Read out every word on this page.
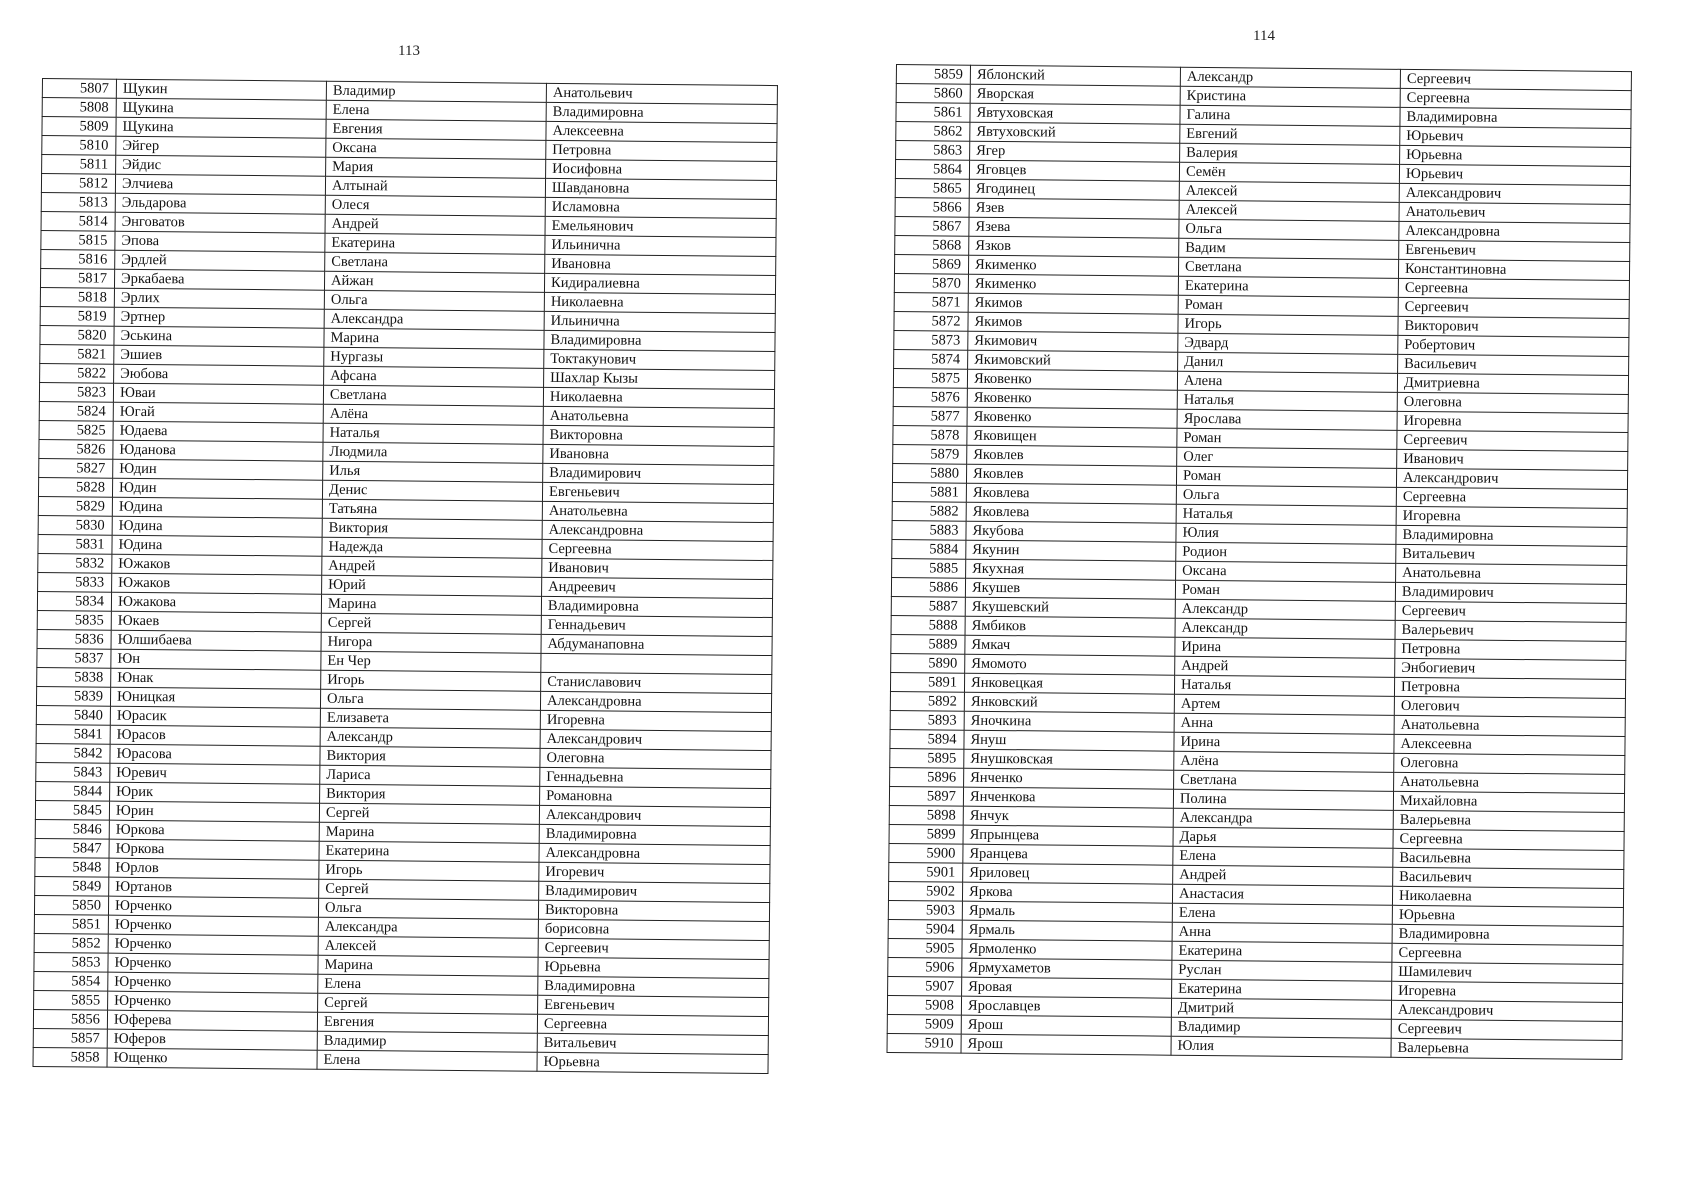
113
5807	Щукин	Владимир	Анатольевич
5808	Щукина	Елена	Владимировна
5809	Щукина	Евгения	Алексеевна
5810	Эйгер	Оксана	Петровна
5811	Эйдис	Мария	Иосифовна
5812	Элчиева	Алтынай	Шавдановна
5813	Эльдарова	Олеся	Исламовна
5814	Энговатов	Андрей	Емельянович
5815	Эпова	Екатерина	Ильинична
5816	Эрдлей	Светлана	Ивановна
5817	Эркабаева	Айжан	Кидиралиевна
5818	Эрлих	Ольга	Николаевна
5819	Эртнер	Александра	Ильинична
5820	Эськина	Марина	Владимировна
5821	Эшиев	Нургазы	Токтакунович
5822	Эюбова	Афсана	Шахлар Кызы
5823	Юваи	Светлана	Николаевна
5824	Югай	Алёна	Анатольевна
5825	Юдаева	Наталья	Викторовна
5826	Юданова	Людмила	Ивановна
5827	Юдин	Илья	Владимирович
5828	Юдин	Денис	Евгеньевич
5829	Юдина	Татьяна	Анатольевна
5830	Юдина	Виктория	Александровна
5831	Юдина	Надежда	Сергеевна
5832	Южаков	Андрей	Иванович
5833	Южаков	Юрий	Андреевич
5834	Южакова	Марина	Владимировна
5835	Юкаев	Сергей	Геннадьевич
5836	Юлшибаева	Нигора	Абдуманаповна
5837	Юн	Ен Чер	
5838	Юнак	Игорь	Станиславович
5839	Юницкая	Ольга	Александровна
5840	Юрасик	Елизавета	Игоревна
5841	Юрасов	Александр	Александрович
5842	Юрасова	Виктория	Олеговна
5843	Юревич	Лариса	Геннадьевна
5844	Юрик	Виктория	Романовна
5845	Юрин	Сергей	Александрович
5846	Юркова	Марина	Владимировна
5847	Юркова	Екатерина	Александровна
5848	Юрлов	Игорь	Игоревич
5849	Юртанов	Сергей	Владимирович
5850	Юрченко	Ольга	Викторовна
5851	Юрченко	Александра	борисовна
5852	Юрченко	Алексей	Сергеевич
5853	Юрченко	Марина	Юрьевна
5854	Юрченко	Елена	Владимировна
5855	Юрченко	Сергей	Евгеньевич
5856	Юферева	Евгения	Сергеевна
5857	Юферов	Владимир	Витальевич
5858	Ющенко	Елена	Юрьевна
114
5859	Яблонский	Александр	Сергеевич
5860	Яворская	Кристина	Сергеевна
5861	Явтуховская	Галина	Владимировна
5862	Явтуховский	Евгений	Юрьевич
5863	Ягер	Валерия	Юрьевна
5864	Яговцев	Семён	Юрьевич
5865	Ягодинец	Алексей	Александрович
5866	Язев	Алексей	Анатольевич
5867	Язева	Ольга	Александровна
5868	Язков	Вадим	Евгеньевич
5869	Якименко	Светлана	Константиновна
5870	Якименко	Екатерина	Сергеевна
5871	Якимов	Роман	Сергеевич
5872	Якимов	Игорь	Викторович
5873	Якимович	Эдвард	Робертович
5874	Якимовский	Данил	Васильевич
5875	Яковенко	Алена	Дмитриевна
5876	Яковенко	Наталья	Олеговна
5877	Яковенко	Ярослава	Игоревна
5878	Яковищен	Роман	Сергеевич
5879	Яковлев	Олег	Иванович
5880	Яковлев	Роман	Александрович
5881	Яковлева	Ольга	Сергеевна
5882	Яковлева	Наталья	Игоревна
5883	Якубова	Юлия	Владимировна
5884	Якунин	Родион	Витальевич
5885	Якухная	Оксана	Анатольевна
5886	Якушев	Роман	Владимирович
5887	Якушевский	Александр	Сергеевич
5888	Ямбиков	Александр	Валерьевич
5889	Ямкач	Ирина	Петровна
5890	Ямомото	Андрей	Энбогиевич
5891	Янковецкая	Наталья	Петровна
5892	Янковский	Артем	Олегович
5893	Яночкина	Анна	Анатольевна
5894	Януш	Ирина	Алексеевна
5895	Янушковская	Алёна	Олеговна
5896	Янченко	Светлана	Анатольевна
5897	Янченкова	Полина	Михайловна
5898	Янчук	Александра	Валерьевна
5899	Япрынцева	Дарья	Сергеевна
5900	Яранцева	Елена	Васильевна
5901	Яриловец	Андрей	Васильевич
5902	Яркова	Анастасия	Николаевна
5903	Ярмаль	Елена	Юрьевна
5904	Ярмаль	Анна	Владимировна
5905	Ярмоленко	Екатерина	Сергеевна
5906	Ярмухаметов	Руслан	Шамилевич
5907	Яровая	Екатерина	Игоревна
5908	Ярославцев	Дмитрий	Александрович
5909	Ярош	Владимир	Сергеевич
5910	Ярош	Юлия	Валерьевна
